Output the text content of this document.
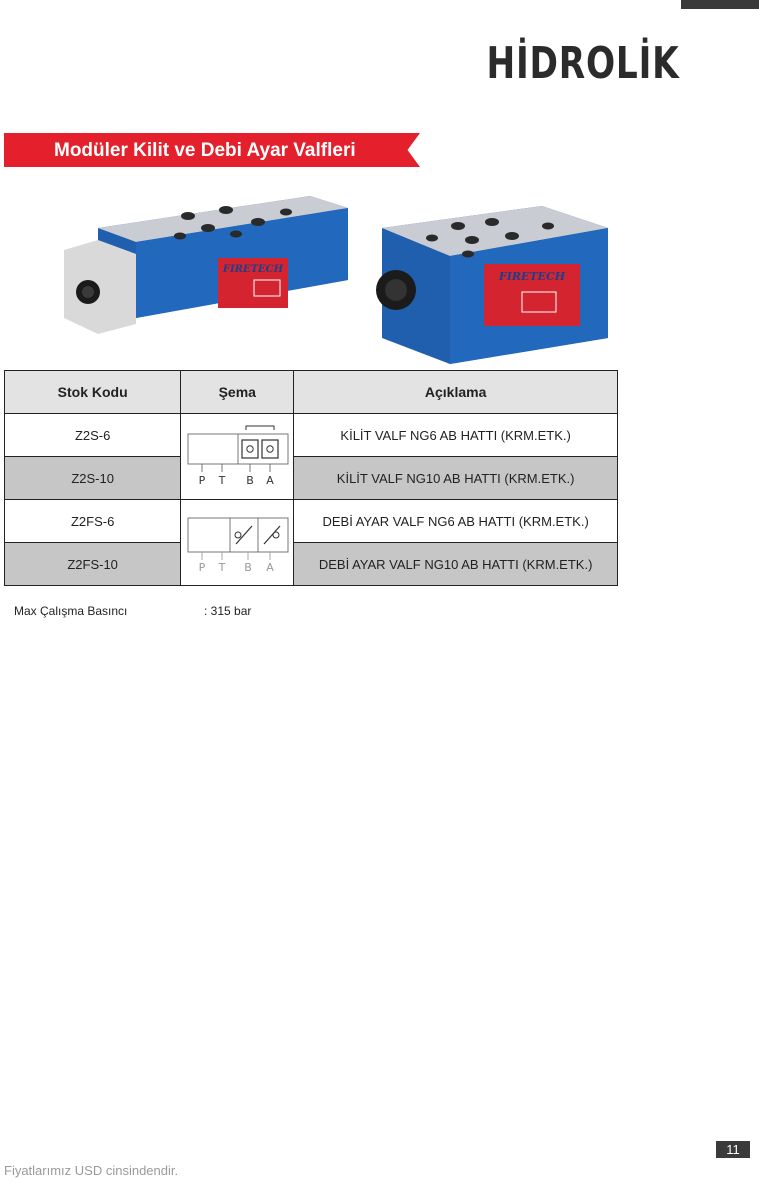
HİDROLİK
Modüler Kilit ve Debi Ayar Valfleri
FIRETECH
FIRETECH
Stok Kodu	Şema	Açıklama
Z2S-6	P T B A	KİLİT VALF NG6 AB HATTI (KRM.ETK.)
Z2S-10		KİLİT VALF NG10 AB HATTI (KRM.ETK.)
Z2FS-6	P T B A	DEBİ AYAR VALF NG6 AB HATTI (KRM.ETK.)
Z2FS-10		DEBİ AYAR VALF NG10 AB HATTI (KRM.ETK.)
Max Çalışma Basıncı	: 315 bar
11
Fiyatlarımız USD cinsindendir.
